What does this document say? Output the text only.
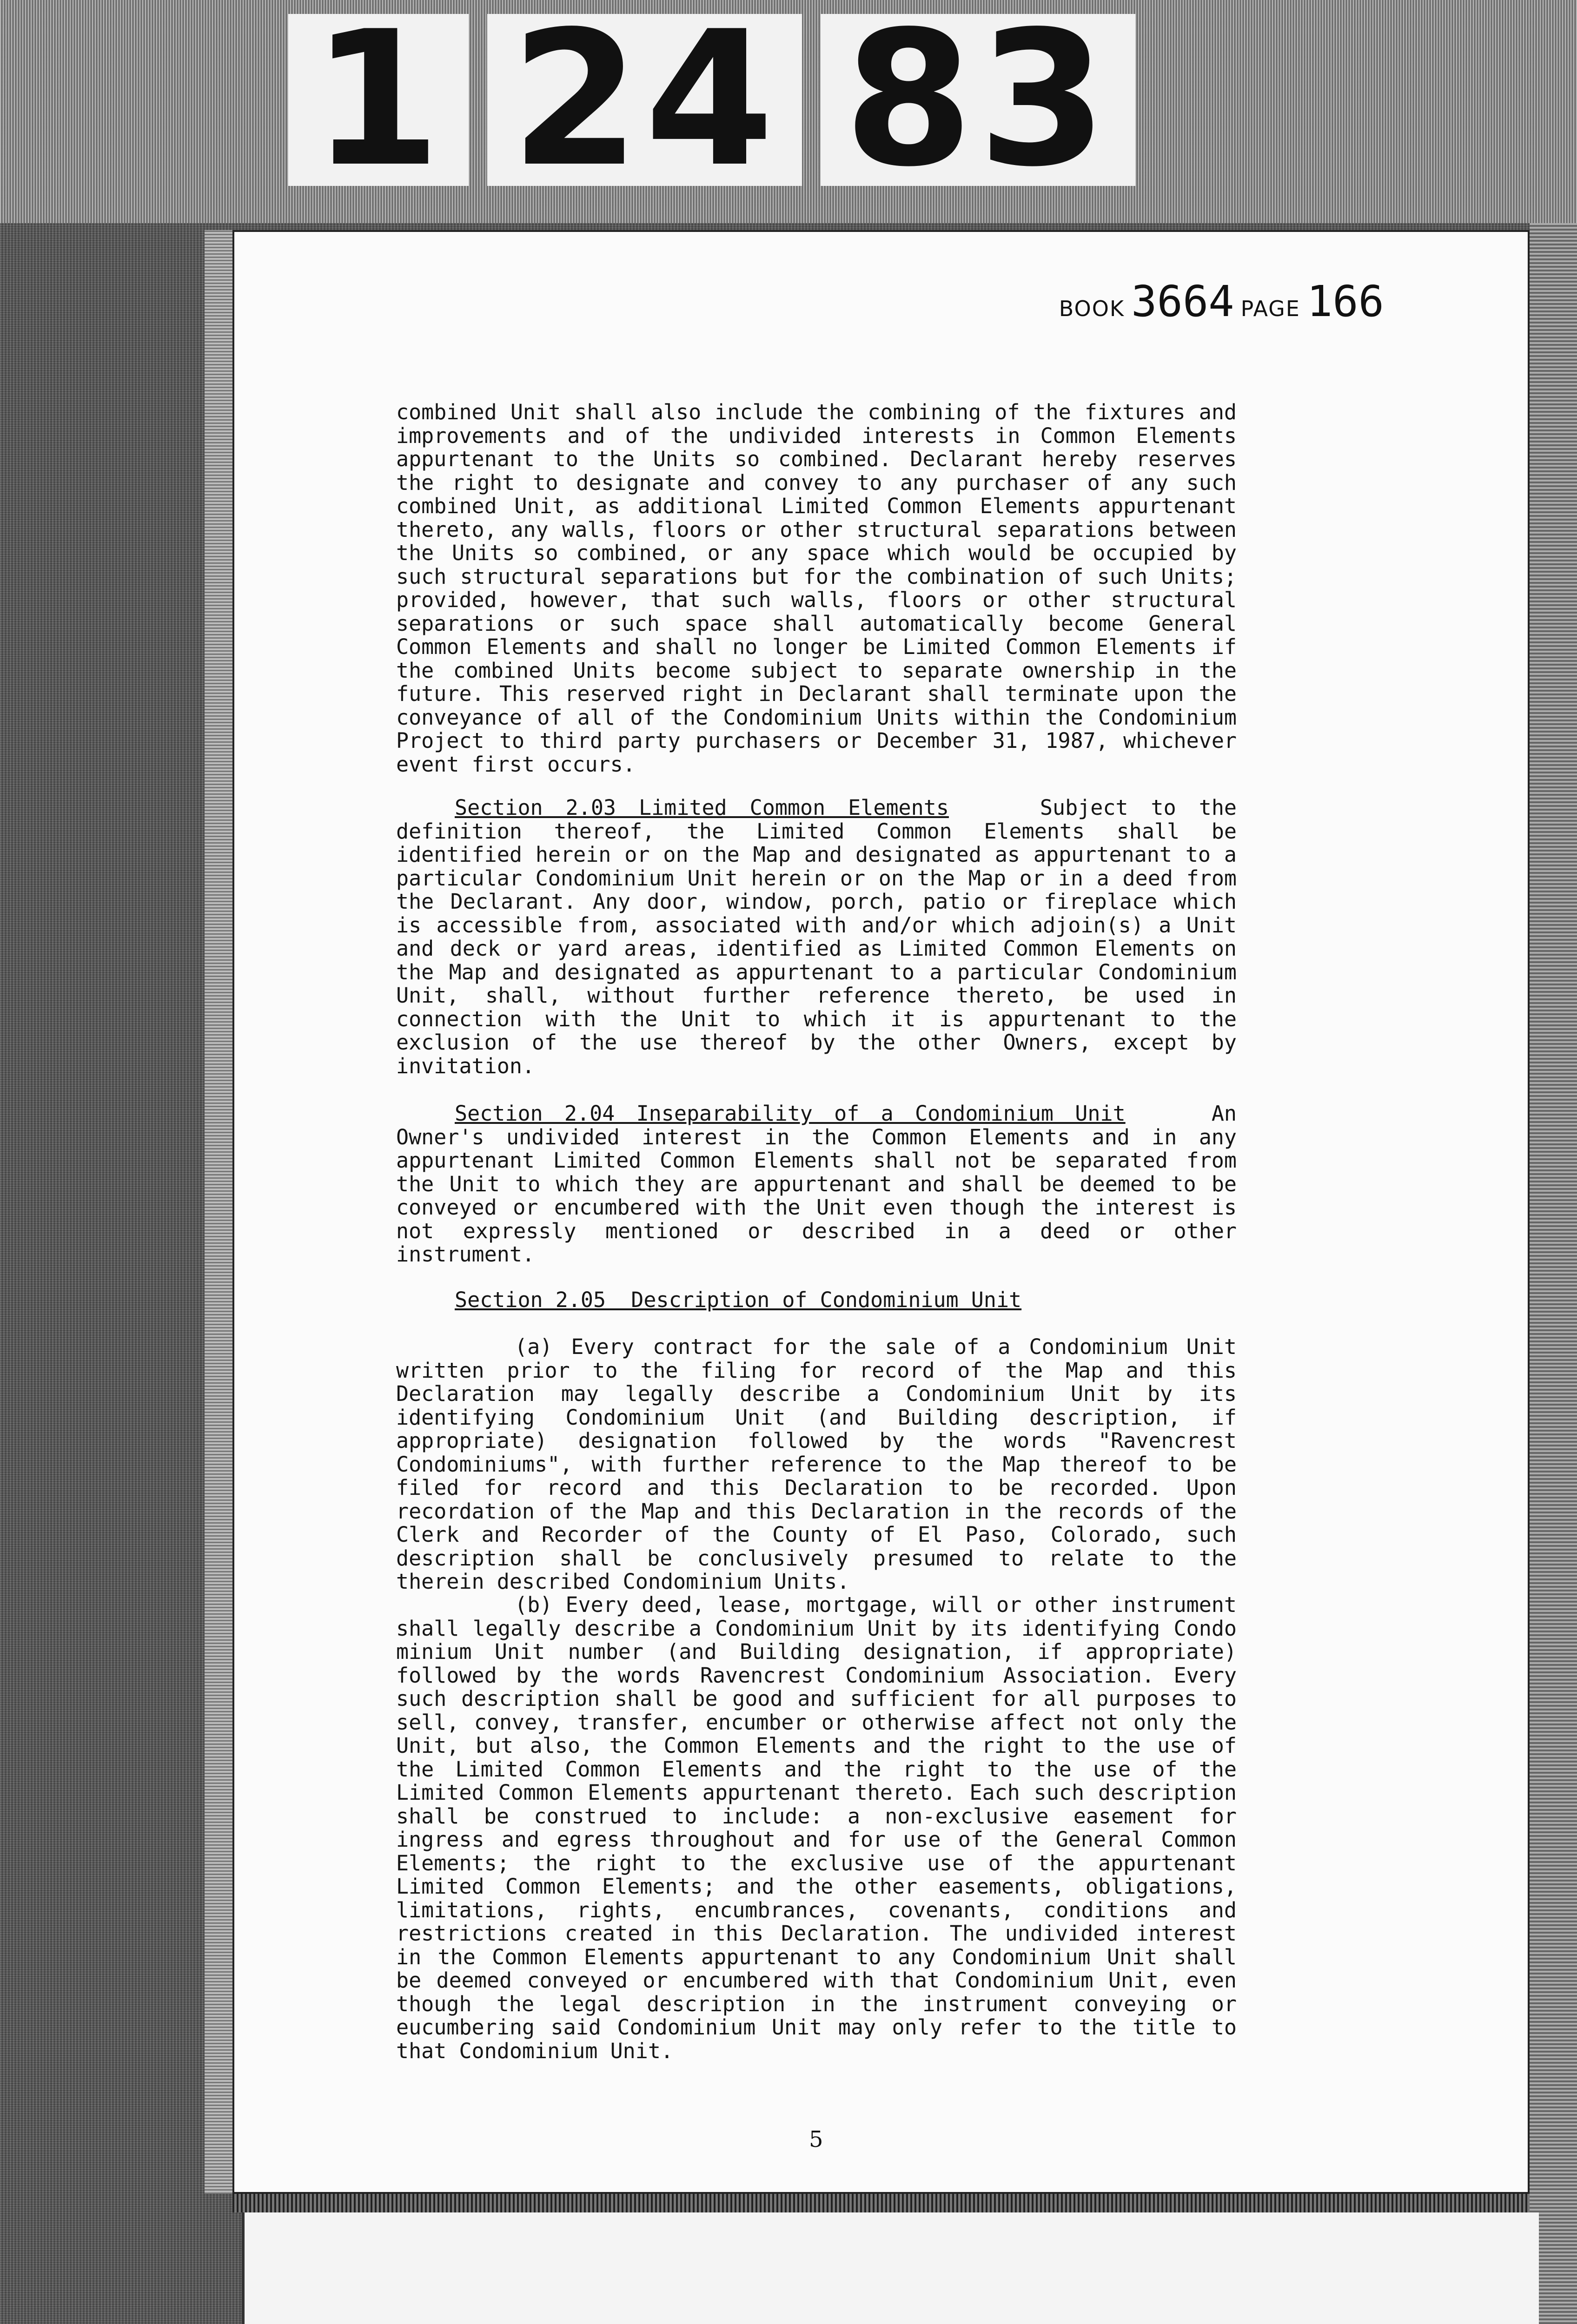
1 24 83
BOOK 3664 PAGE 166

combined Unit shall also include the combining of the fixtures and improvements and of the undivided interests in Common Elements appurtenant to the Units so combined. Declarant hereby reserves the right to designate and convey to any purchaser of any such combined Unit, as additional Limited Common Elements appurtenant thereto, any walls, floors or other structural separations between the Units so combined, or any space which would be occupied by such structural separations but for the combination of such Units; provided, however, that such walls, floors or other structural separations or such space shall automatically become General Common Elements and shall no longer be Limited Common Elements if the combined Units become subject to separate ownership in the future. This reserved right in Declarant shall terminate upon the conveyance of all of the Condominium Units within the Condominium Project to third party purchasers or December 31, 1987, whichever event first occurs.

Section 2.03 Limited Common Elements	Subject to the definition thereof, the Limited Common Elements shall be identified herein or on the Map and designated as appurtenant to a particular Condominium Unit herein or on the Map or in a deed from the Declarant. Any door, window, porch, patio or fireplace which is accessible from, associated with and/or which adjoin(s) a Unit and deck or yard areas, identified as Limited Common Elements on the Map and designated as appurtenant to a particular Condominium Unit, shall, without further reference thereto, be used in connection with the Unit to which it is appurtenant to the exclusion of the use thereof by the other Owners, except by invitation.

Section 2.04 Inseparability of a Condominium Unit	An Owner's undivided interest in the Common Elements and in any appurtenant Limited Common Elements shall not be separated from the Unit to which they are appurtenant and shall be deemed to be conveyed or encumbered with the Unit even though the interest is not expressly mentioned or described in a deed or other instrument.

Section 2.05  Description of Condominium Unit

(a) Every contract for the sale of a Condominium Unit written prior to the filing for record of the Map and this Declaration may legally describe a Condominium Unit by its identifying Condominium Unit (and Building description, if appropriate) designation followed by the words "Ravencrest Condominiums", with further reference to the Map thereof to be filed for record and this Declaration to be recorded. Upon recordation of the Map and this Declaration in the records of the Clerk and Recorder of the County of El Paso, Colorado, such description shall be conclusively presumed to relate to the therein described Condominium Units.

(b) Every deed, lease, mortgage, will or other instrument shall legally describe a Condominium Unit by its identifying Condo minium Unit number (and Building designation, if appropriate) followed by the words Ravencrest Condominium Association. Every such description shall be good and sufficient for all purposes to sell, convey, transfer, encumber or otherwise affect not only the Unit, but also, the Common Elements and the right to the use of the Limited Common Elements and the right to the use of the Limited Common Elements appurtenant thereto. Each such description shall be construed to include: a non-exclusive easement for ingress and egress throughout and for use of the General Common Elements; the right to the exclusive use of the appurtenant Limited Common Elements; and the other easements, obligations, limitations, rights, encumbrances, covenants, conditions and restrictions created in this Declaration. The undivided interest in the Common Elements appurtenant to any Condominium Unit shall be deemed conveyed or encumbered with that Condominium Unit, even though the legal description in the instrument conveying or eucumbering said Condominium Unit may only refer to the title to that Condominium Unit.

5
